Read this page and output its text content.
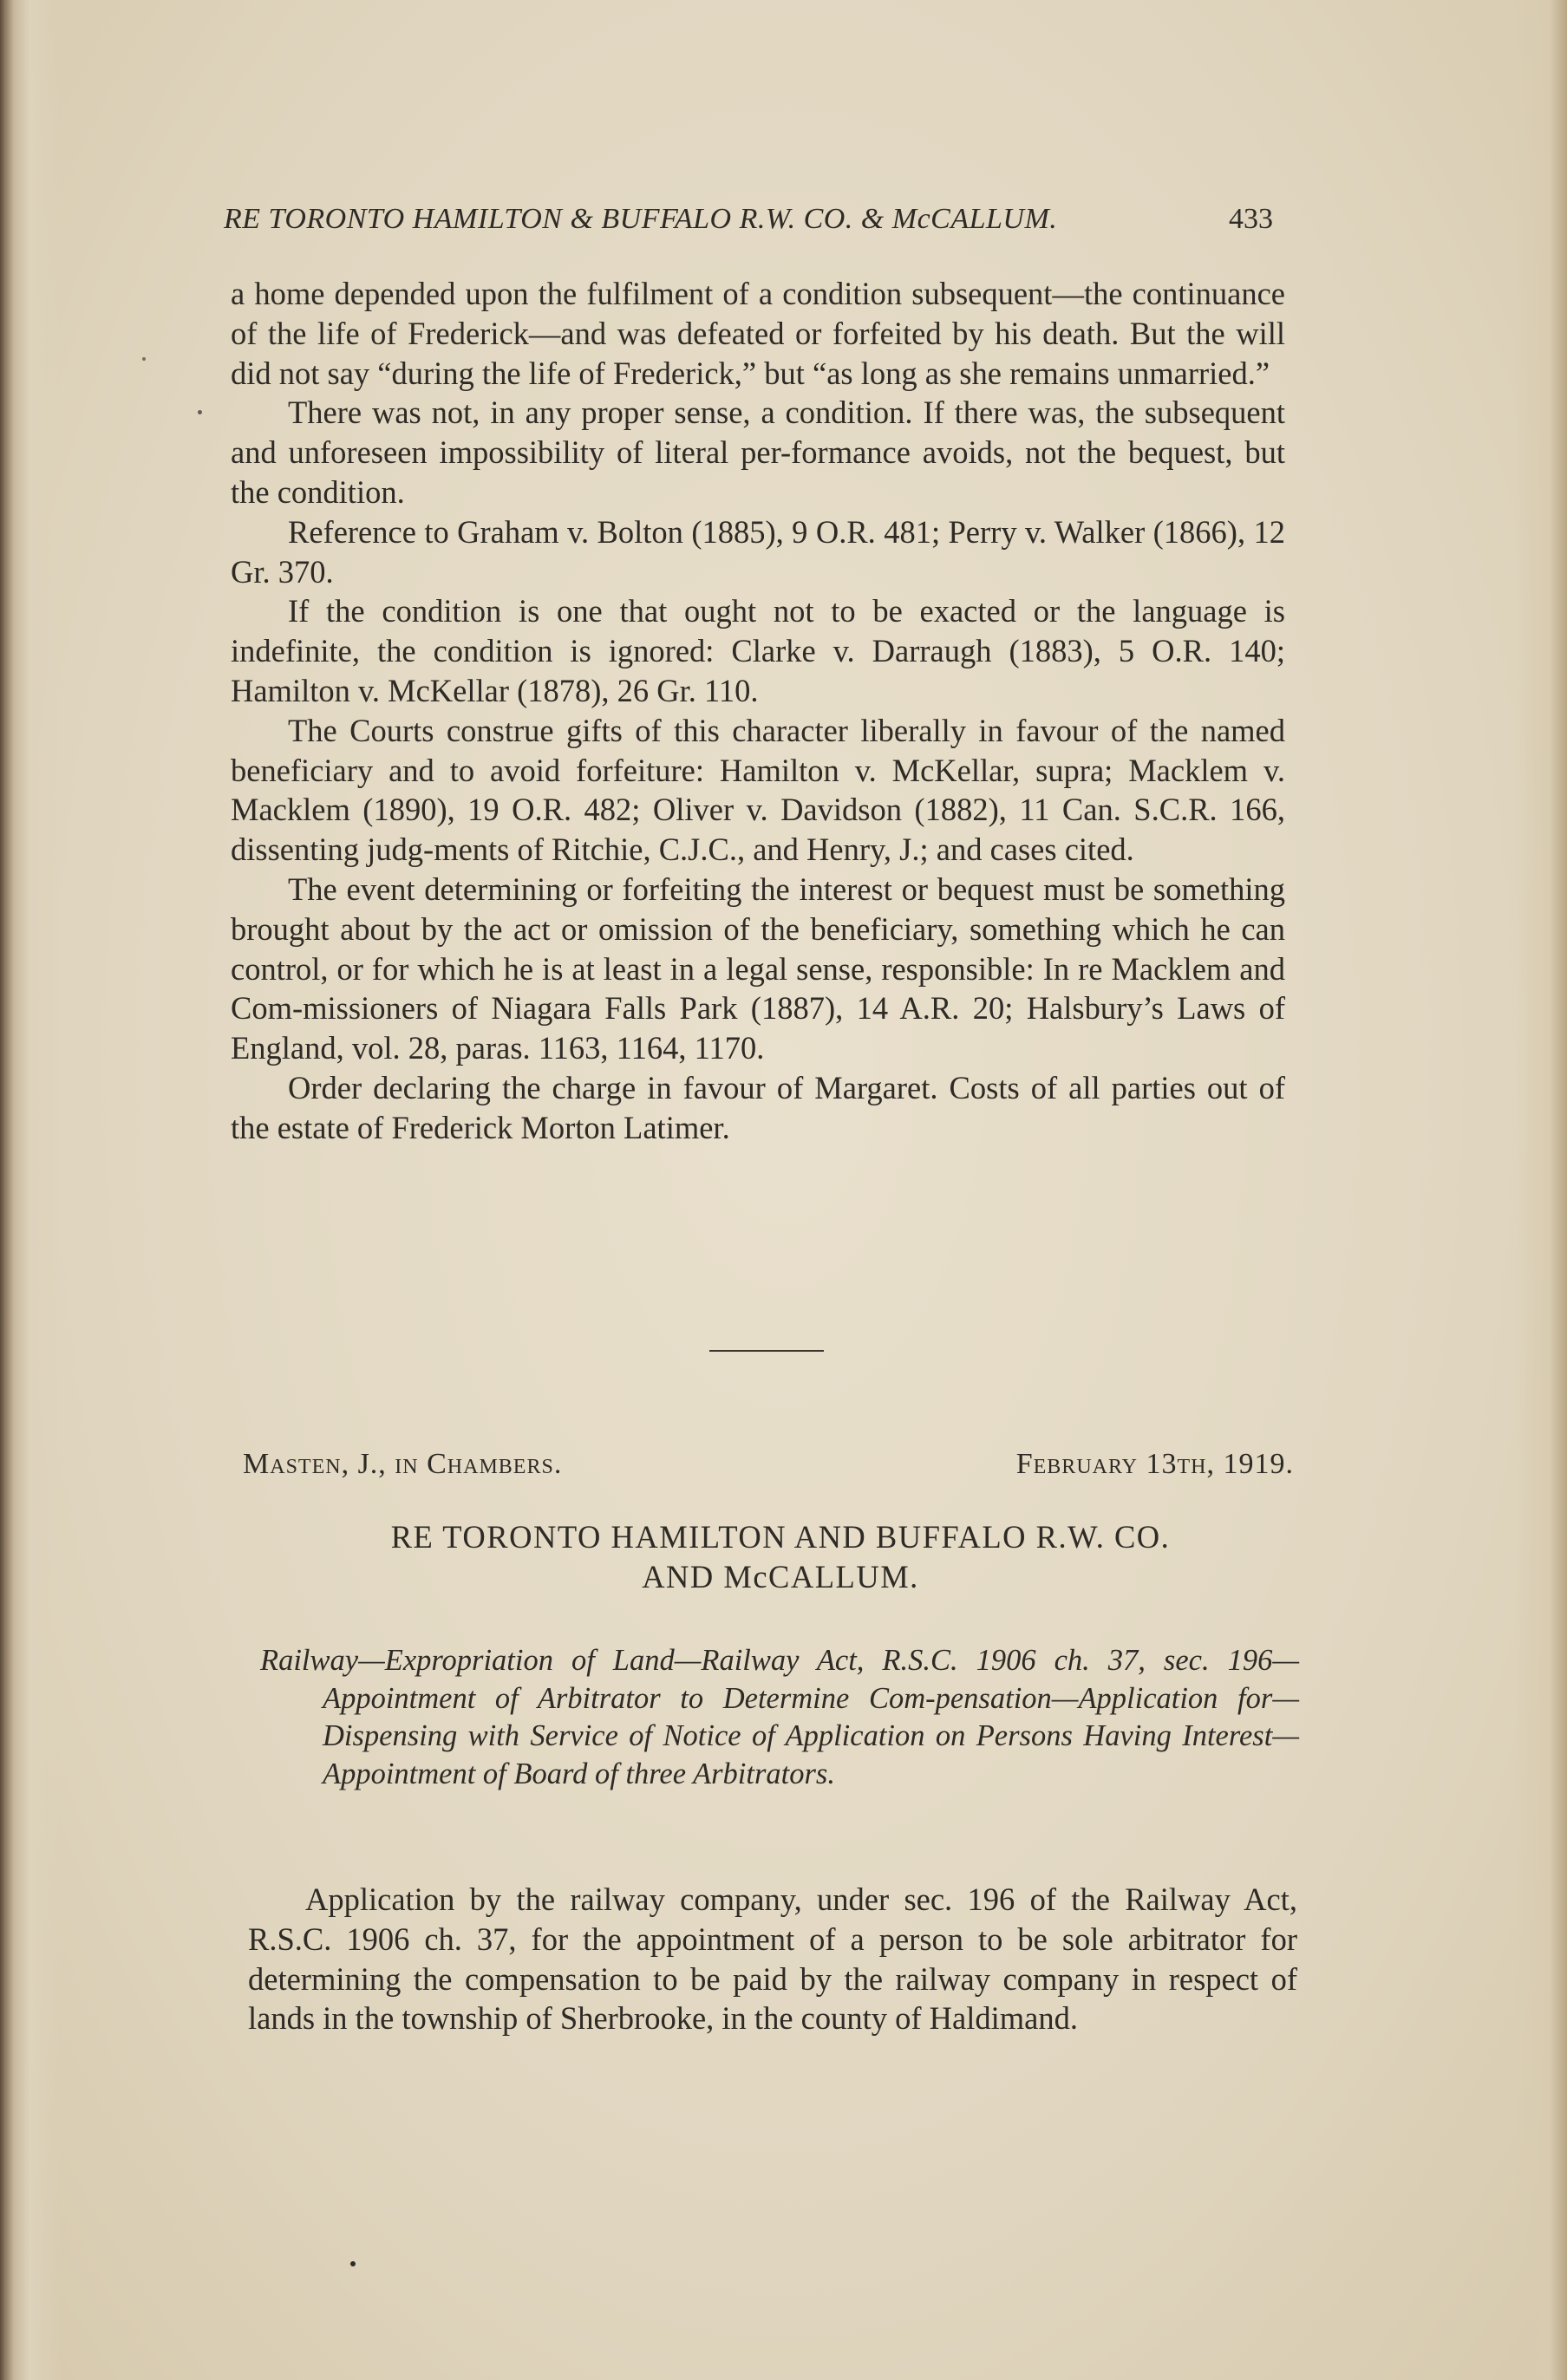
RE TORONTO HAMILTON & BUFFALO R.W. CO. & McCALLUM.	433

a home depended upon the fulfilment of a condition subsequent—the continuance of the life of Frederick—and was defeated or forfeited by his death. But the will did not say “during the life of Frederick,” but “as long as she remains unmarried.”

There was not, in any proper sense, a condition. If there was, the subsequent and unforeseen impossibility of literal per-formance avoids, not the bequest, but the condition.

Reference to Graham v. Bolton (1885), 9 O.R. 481; Perry v. Walker (1866), 12 Gr. 370.

If the condition is one that ought not to be exacted or the language is indefinite, the condition is ignored: Clarke v. Darraugh (1883), 5 O.R. 140; Hamilton v. McKellar (1878), 26 Gr. 110.

The Courts construe gifts of this character liberally in favour of the named beneficiary and to avoid forfeiture: Hamilton v. McKellar, supra; Macklem v. Macklem (1890), 19 O.R. 482; Oliver v. Davidson (1882), 11 Can. S.C.R. 166, dissenting judg-ments of Ritchie, C.J.C., and Henry, J.; and cases cited.

The event determining or forfeiting the interest or bequest must be something brought about by the act or omission of the beneficiary, something which he can control, or for which he is at least in a legal sense, responsible: In re Macklem and Com-missioners of Niagara Falls Park (1887), 14 A.R. 20; Halsbury’s Laws of England, vol. 28, paras. 1163, 1164, 1170.

Order declaring the charge in favour of Margaret. Costs of all parties out of the estate of Frederick Morton Latimer.

Masten, J., in Chambers.	February 13th, 1919.
RE TORONTO HAMILTON AND BUFFALO R.W. CO.
AND McCALLUM.
Railway—Expropriation of Land—Railway Act, R.S.C. 1906 ch. 37, sec. 196—Appointment of Arbitrator to Determine Com-pensation—Application for—Dispensing with Service of Notice of Application on Persons Having Interest—Appointment of Board of three Arbitrators.
Application by the railway company, under sec. 196 of the Railway Act, R.S.C. 1906 ch. 37, for the appointment of a person to be sole arbitrator for determining the compensation to be paid by the railway company in respect of lands in the township of Sherbrooke, in the county of Haldimand.
